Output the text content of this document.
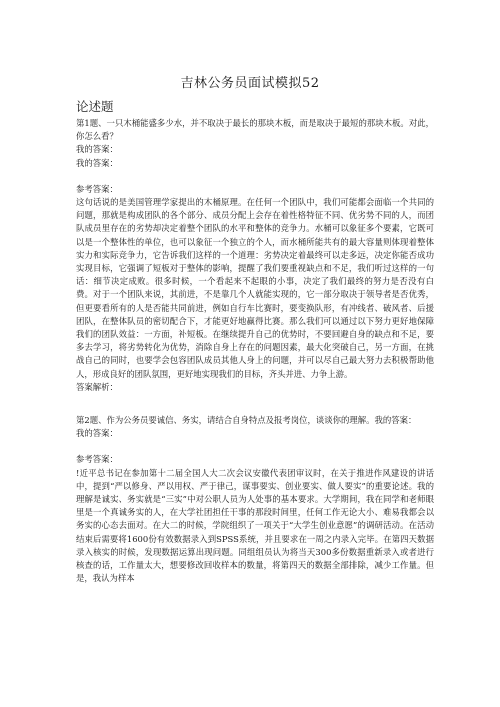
吉林公务员面试模拟52
论述题

第1题、一只木桶能盛多少水，并不取决于最长的那块木板，而是取决于最短的那块木板。对此，你怎么看？

我的答案：

我的答案：

参考答案：

这句话说的是美国管理学家提出的木桶原理。在任何一个团队中，我们可能都会面临一个共同的问题，那就是构成团队的各个部分、成员分配上会存在着性格特征不同、优劣势不同的人，而团队成员里存在的劣势却决定着整个团队的水平和整体的竞争力。水桶可以象征多个要素，它既可以是一个整体性的单位，也可以象征一个独立的个人，而水桶所能共有的最大容量则体现着整体实力和实际竞争力，它告诉我们这样的一个道理：劣势决定着最终可以走多远，决定你能否成功实现目标，它强调了短板对于整体的影响，提醒了我们要重视缺点和不足，我们听过这样的一句话：细节决定成败。很多时候，一个看起来不起眼的小事，决定了我们最终的努力是否没有白费。对于一个团队来说，其前进，不是靠几个人就能实现的，它一部分取决于领导者是否优秀，但更要看所有的人是否能共同前进，例如自行车比赛时，要变换队形，有冲线者、破风者、后援团队，在整体队员的密切配合下，才能更好地赢得比赛。那么我们可以通过以下努力更好地保障我们的团队效益：一方面，补短板。在继续提升自己的优势时，不要回避自身的缺点和不足，要多去学习，将劣势转化为优势，消除自身上存在的问题因素，最大化突破自己，另一方面，在挑战自己的同时，也要学会包容团队成员其他人身上的问题，并可以尽自己最大努力去积极帮助他人，形成良好的团队氛围，更好地实现我们的目标，齐头并进、力争上游。

答案解析：

第2题、作为公务员要诚信、务实，请结合自身特点及报考岗位，谈谈你的理解。我的答案：

我的答案：

参考答案：

!近平总书记在参加第十二届全国人大二次会议安徽代表团审议时，在关于推进作风建设的讲话中，提到“严以修身、严以用权、严于律己，谋事要实、创业要实、做人要实”的重要论述。我的理解是诚实、务实就是“三实”中对公职人员为人处事的基本要求。大学期间，我在同学和老师眼里是一个真诚务实的人，在大学社团担任干事的那段时间里，任何工作无论大小、难易我都会以务实的心态去面对。在大二的时候，学院组织了一项关于“大学生创业意愿”的调研活动。在活动结束后需要将1600份有效数据录入到SPSS系统，并且要求在一周之内录入完毕。在第四天数据录入核实的时候，发现数据运算出现问题。同组组员认为将当天300多份数据重新录入或者进行核查的话，工作量太大，想要修改回收样本的数量，将第四天的数据全部排除，减少工作量。但是，我认为样本
